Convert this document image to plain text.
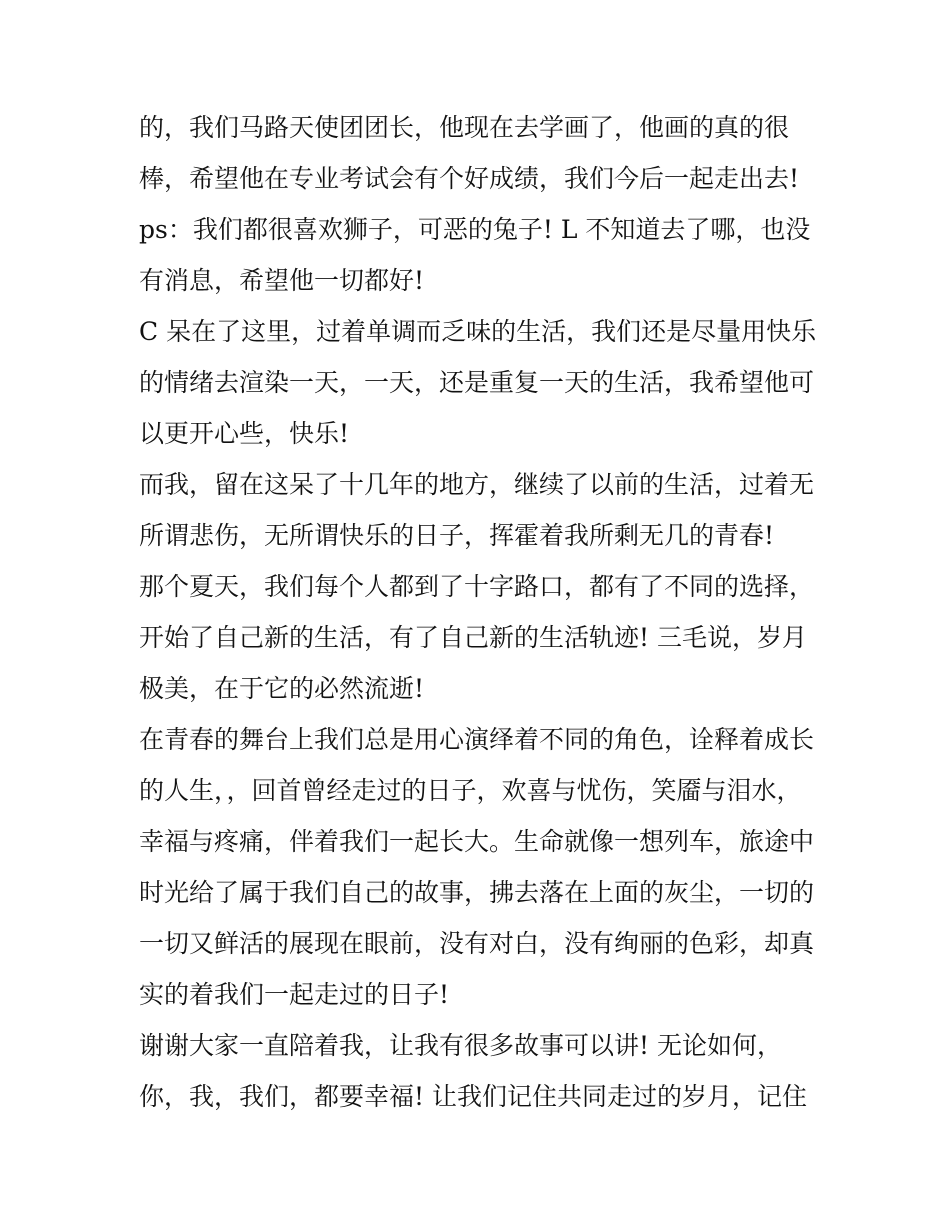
的，我们马路天使团团长，他现在去学画了，他画的真的很
棒，希望他在专业考试会有个好成绩，我们今后一起走出去!
ps：我们都很喜欢狮子，可恶的兔子! L 不知道去了哪，也没
有消息，希望他一切都好!
C 呆在了这里，过着单调而乏味的生活，我们还是尽量用快乐
的情绪去渲染一天，一天，还是重复一天的生活，我希望他可
以更开心些，快乐!
而我，留在这呆了十几年的地方，继续了以前的生活，过着无
所谓悲伤，无所谓快乐的日子，挥霍着我所剩无几的青春!
那个夏天，我们每个人都到了十字路口，都有了不同的选择，
开始了自己新的生活，有了自己新的生活轨迹! 三毛说，岁月
极美，在于它的必然流逝!
在青春的舞台上我们总是用心演绎着不同的角色，诠释着成长
的人生，，回首曾经走过的日子，欢喜与忧伤，笑靥与泪水，
幸福与疼痛，伴着我们一起长大。生命就像一想列车，旅途中
时光给了属于我们自己的故事，拂去落在上面的灰尘，一切的
一切又鲜活的展现在眼前，没有对白，没有绚丽的色彩，却真
实的着我们一起走过的日子!
谢谢大家一直陪着我，让我有很多故事可以讲! 无论如何，
你，我，我们，都要幸福! 让我们记住共同走过的岁月，记住
